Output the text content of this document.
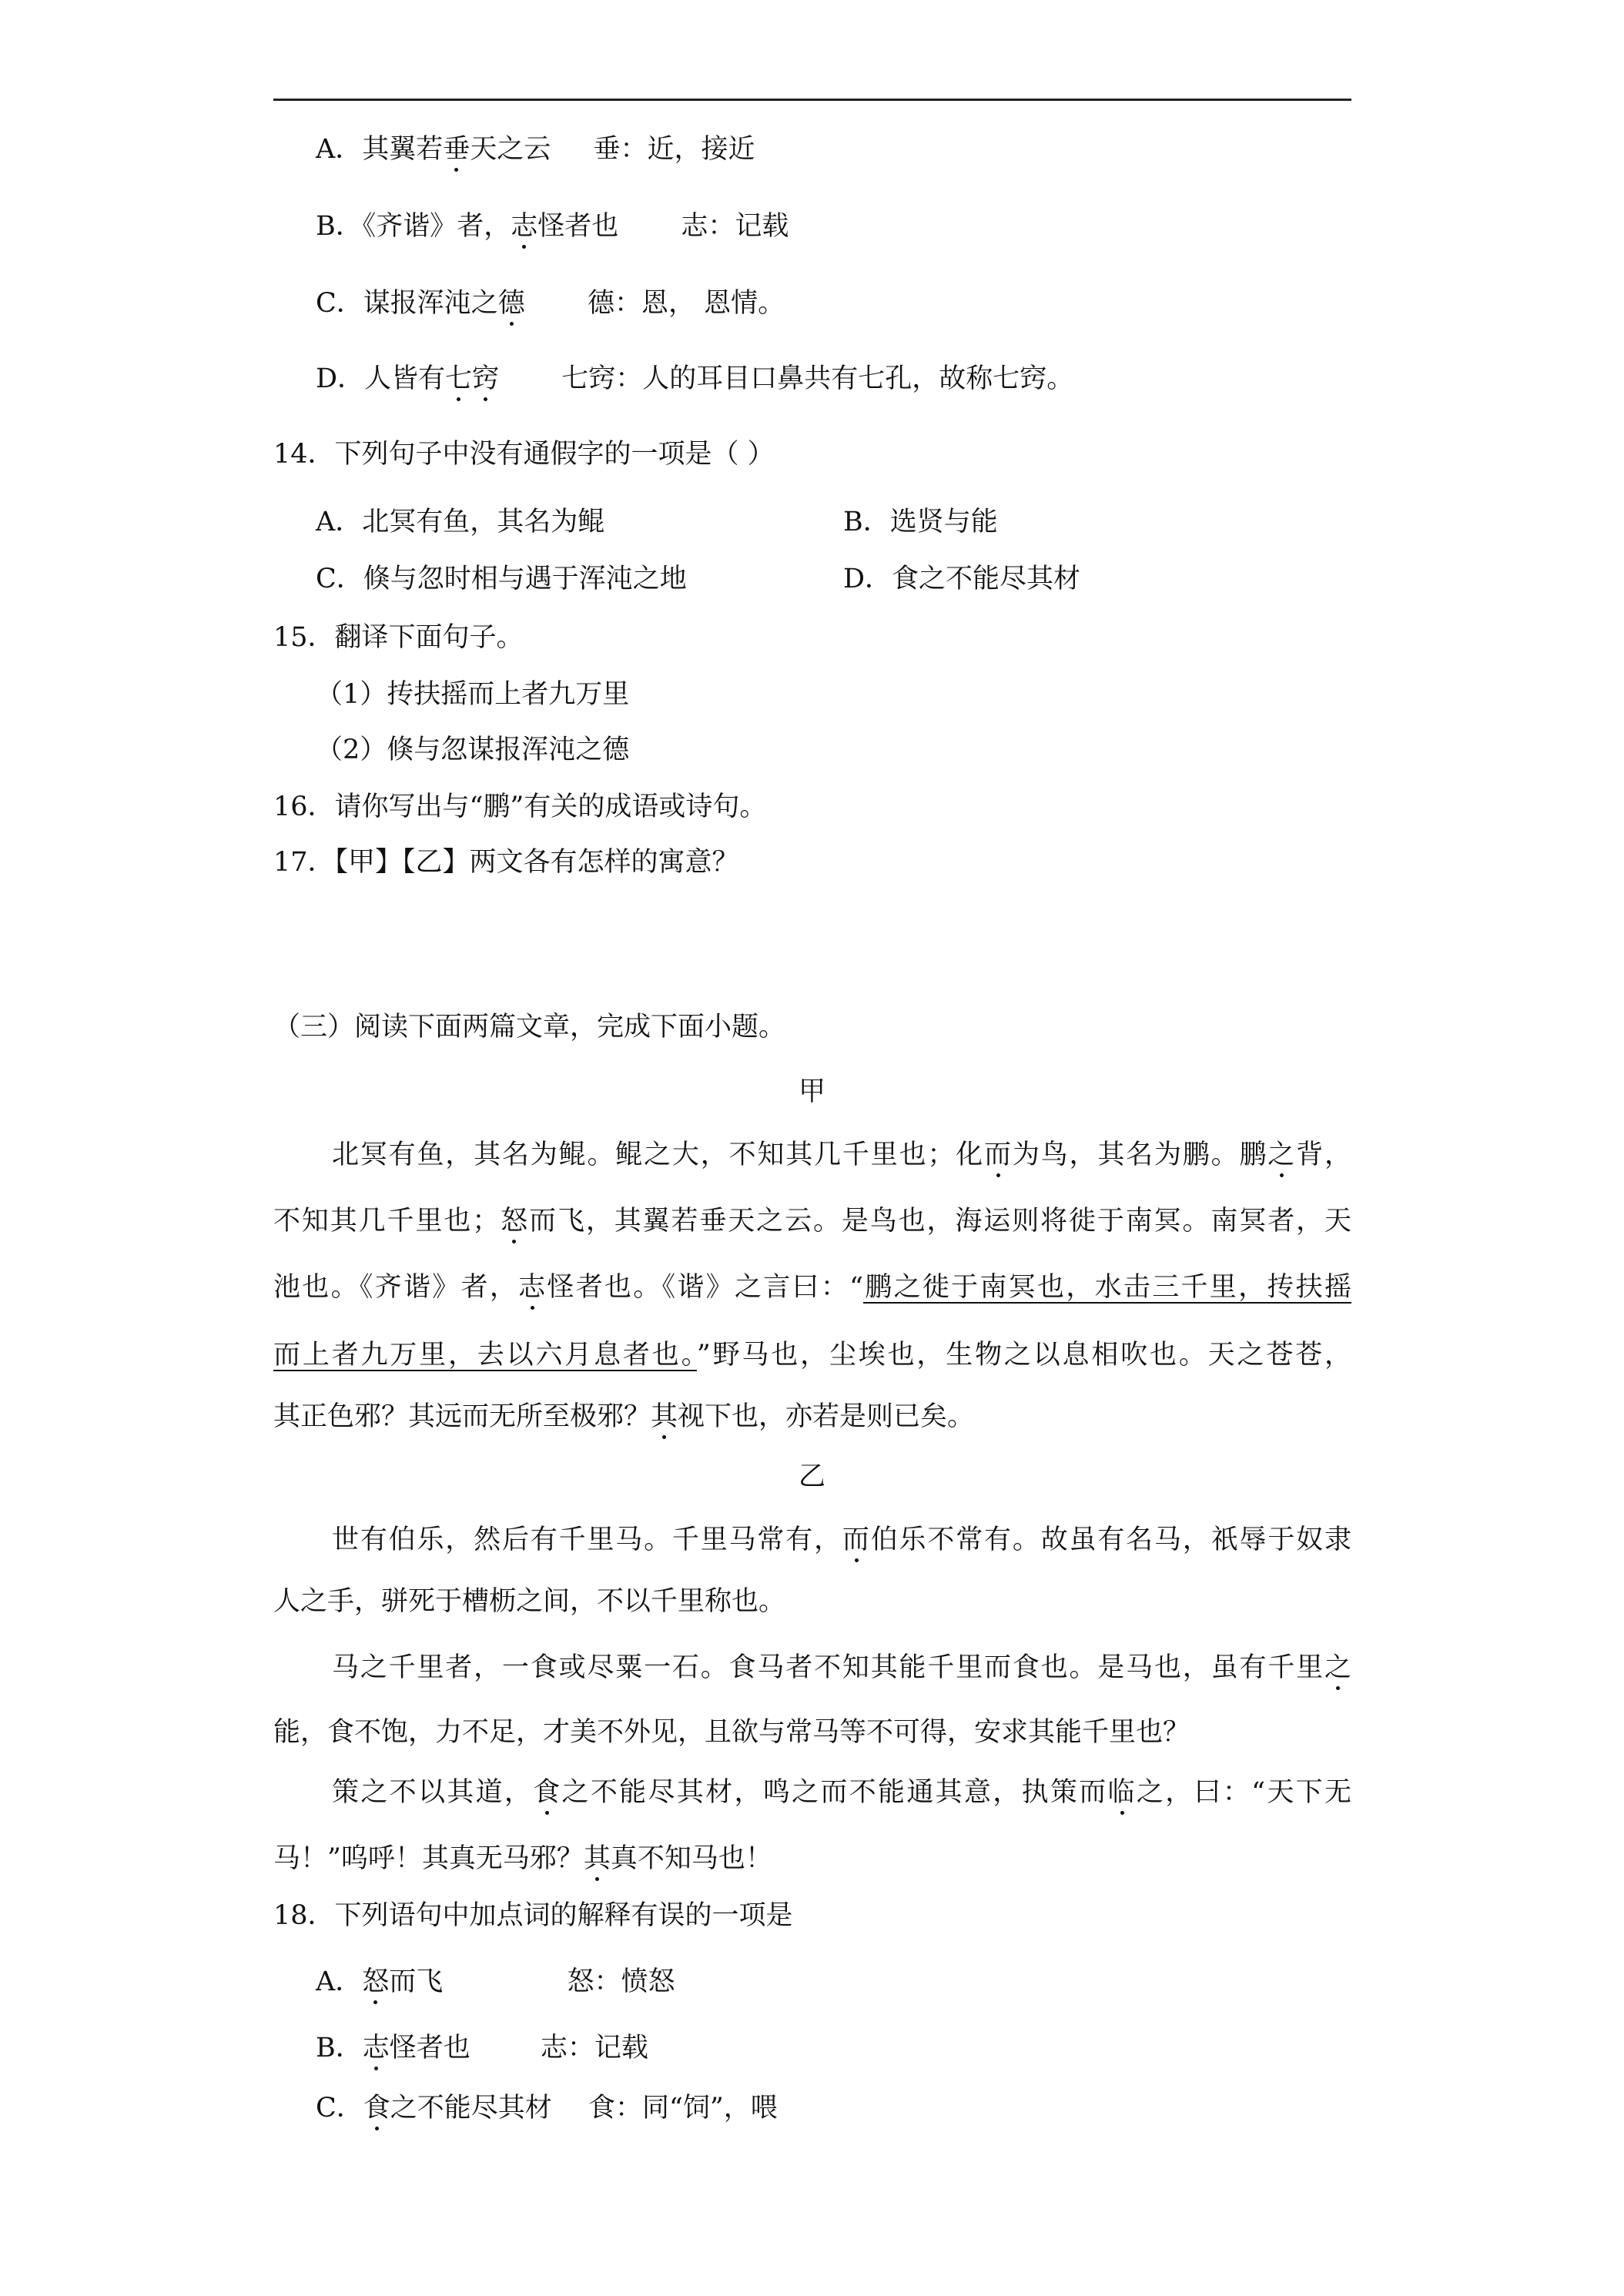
A．其翼若垂天之云 垂：近，接近
B．《齐谐》者，志怪者也 志：记载
C．谋报浑沌之德 德：恩， 恩情。
D．人皆有七窍 七窍：人的耳目口鼻共有七孔，故称七窍。
14．下列句子中没有通假字的一项是（ ）
A．北冥有鱼，其名为鲲	B．选贤与能
C．倏与忽时相与遇于浑沌之地	D．食之不能尽其材
15．翻译下面句子。
（1）抟扶摇而上者九万里
（2）倏与忽谋报浑沌之德
16．请你写出与“鹏”有关的成语或诗句。
17．【甲】【乙】两文各有怎样的寓意？
（三）阅读下面两篇文章，完成下面小题。
甲
北冥有鱼，其名为鲲。鲲之大，不知其几千里也；化而为鸟，其名为鹏。鹏之背，
不知其几千里也；怒而飞，其翼若垂天之云。是鸟也，海运则将徙于南冥。南冥者，天
池也。《齐谐》者，志怪者也。《谐》之言曰：“鹏之徙于南冥也，水击三千里，抟扶摇
而上者九万里，去以六月息者也。”野马也，尘埃也，生物之以息相吹也。天之苍苍，
其正色邪？其远而无所至极邪？其视下也，亦若是则已矣。
乙
世有伯乐，然后有千里马。千里马常有，而伯乐不常有。故虽有名马，祇辱于奴隶
人之手，骈死于槽枥之间，不以千里称也。
马之千里者，一食或尽粟一石。食马者不知其能千里而食也。是马也，虽有千里之
能，食不饱，力不足，才美不外见，且欲与常马等不可得，安求其能千里也？
策之不以其道，食之不能尽其材，鸣之而不能通其意，执策而临之，曰：“天下无
马！”呜呼！其真无马邪？其真不知马也！
18．下列语句中加点词的解释有误的一项是
A．怒而飞	怒：愤怒
B．志怪者也	志：记载
C．食之不能尽其材 食：同“饲”，喂
